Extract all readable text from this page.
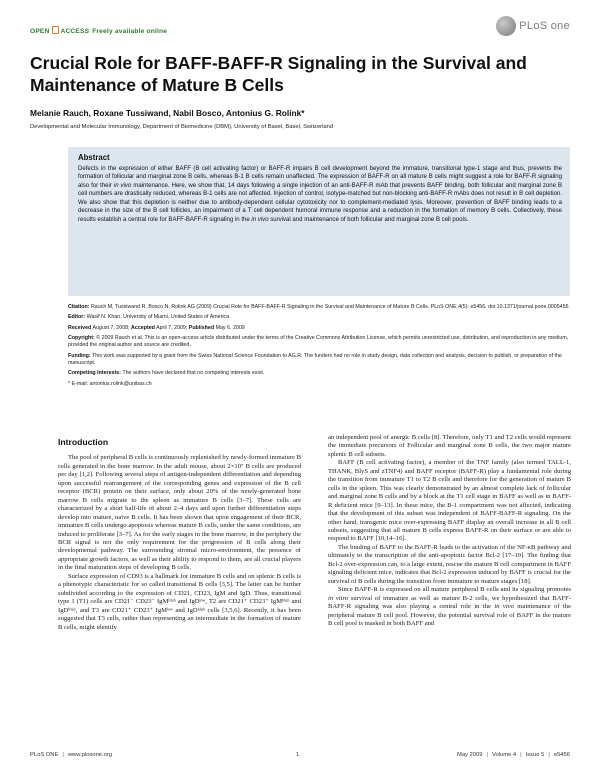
OPEN ACCESS Freely available online	PLoS one
Crucial Role for BAFF-BAFF-R Signaling in the Survival and Maintenance of Mature B Cells
Melanie Rauch, Roxane Tussiwand, Nabil Bosco, Antonius G. Rolink*
Developmental and Molecular Immunology, Department of Biomedicine (DBM), University of Basel, Basel, Switzerland
Abstract

Defects in the expression of either BAFF (B cell activating factor) or BAFF-R impairs B cell development beyond the immature, transitional type-1 stage and thus, prevents the formation of follicular and marginal zone B cells, whereas B-1 B cells remain unaffected. The expression of BAFF-R on all mature B cells might suggest a role for BAFF-R signaling also for their in vivo maintenance. Here, we show that, 14 days following a single injection of an anti-BAFF-R mAb that prevents BAFF binding, both follicular and marginal zone B cell numbers are drastically reduced, whereas B-1 cells are not affected. Injection of control, isotype-matched but non-blocking anti-BAFF-R mAbs does not result in B cell depletion. We also show that this depletion is neither due to antibody-dependent cellular cytotoxicity nor to complement-mediated lysis. Moreover, prevention of BAFF binding leads to a decrease in the size of the B cell follicles, an impairment of a T cell dependent humoral immune response and a reduction in the formation of memory B cells. Collectively, these results establish a central role for BAFF-BAFF-R signaling in the in vivo survival and maintenance of both follicular and marginal zone B cell pools.

Citation: Rauch M, Tussiwand R, Bosco N, Rolink AG (2009) Crucial Role for BAFF-BAFF-R Signaling in the Survival and Maintenance of Mature B Cells. PLoS ONE 4(5): e5456. doi:10.1371/journal.pone.0005456
Editor: Wasif N. Khan, University of Miami, United States of America
Received August 7, 2008; Accepted April 7, 2009; Published May 6, 2009
Copyright: © 2009 Rauch et al. This is an open-access article distributed under the terms of the Creative Commons Attribution License, which permits unrestricted use, distribution, and reproduction in any medium, provided the original author and source are credited.
Funding: This work was supported by a grant from the Swiss National Science Foundation to AG.R. The funders had no role in study design, data collection and analysis, decision to publish, or preparation of the manuscript.
Competing Interests: The authors have declared that no competing interests exist.
* E-mail: antonius.rolink@unibas.ch
Introduction

The pool of peripheral B cells is continuously replenished by newly-formed immature B cells generated in the bone marrow. In the adult mouse, about 2×10⁷ B cells are produced per day [1,2]. Following several steps of antigen-independent differentiation and depending upon successful rearrangement of the corresponding genes and expression of the B cell receptor (BCR) protein on their surface, only about 20% of the newly-generated bone marrow B cells migrate to the spleen as immature B cells [3–7]. These cells are characterized by a short half-life of about 2–4 days and upon further differentiation steps develop into mature, naïve B cells. It has been shown that upon engagement of their BCR, immature B cells undergo apoptosis whereas mature B cells, under the same conditions, are induced to proliferate [3–7]. As for the early stages in the bone marrow, in the periphery the BCR signal is not the only requirement for the progression of B cells along their developmental pathway. The surrounding stromal micro-environment, the presence of appropriate growth factors, as well as their ability to respond to them, are all crucial players in the final maturation steps of developing B cells.

Surface expression of CD93 is a hallmark for immature B cells and on splenic B cells is a phenotypic characteristic for so called transitional B cells [3,5]. The latter can be further subdivided according to the expression of CD21, CD23, IgM and IgD. Thus, transitional type 1 (T1) cells are CD21⁻ CD23⁻ IgMʰⁱᵍʰ and IgDˡᵒʷ, T2 are CD21⁺ CD23⁺ IgMʰⁱᵍʰ and IgDʰⁱᵍʰ, and T3 are CD21⁺ CD23⁺ IgMˡᵒʷ and IgDʰⁱᵍʰ cells [3,5,6]. Recently, it has been suggested that T3 cells, rather than representing an intermediate in the formation of mature B cells, might identify

an independent pool of anergic B cells [8]. Therefore, only T1 and T2 cells would represent the immediate precursors of Follicular and marginal zone B cells, the two major mature splenic B cell subsets.

BAFF (B cell activating factor), a member of the TNF family (also termed TALL-1, THANK, BlyS and zTNF4) and BAFF receptor (BAFF-R) play a fundamental role during the transition from immature T1 to T2 B cells and therefore for the generation of mature B cells in the spleen. This was clearly demonstrated by an almost complete lack of follicular and marginal zone B cells and by a block at the T1 cell stage in BAFF as well as in BAFF-R deficient mice [9–13]. In these mice, the B-1 compartment was not affected, indicating that the development of this subset was independent of BAFF-BAFF-R signaling. On the other hand, transgenic mice over-expressing BAFF display an overall increase in all B cell subsets, suggesting that all mature B cells express BAFF-R on their surface or are able to respond to BAFF [10,14–16].

The binding of BAFF to the BAFF-R leads to the activation of the NF-κB pathway and ultimately to the transcription of the anti-apoptotic factor Bcl-2 [17–19]. The finding that Bcl-2 over-expression can, to a large extent, rescue the mature B cell compartment in BAFF signaling deficient mice, indicates that Bcl-2 expression induced by BAFF is crucial for the survival of B cells during the transition from immature to mature stages [18].

Since BAFF-R is expressed on all mature peripheral B cells and its signaling promotes in vitro survival of immature as well as mature B-2 cells, we hypothesized that BAFF-BAFF-R signaling was also playing a central role in the in vivo maintenance of the peripheral mature B cell pool. However, the potential survival role of BAFF in the mature B cell pool is masked in both BAFF and

PLoS ONE | www.plosone.org	1	May 2009 | Volume 4 | Issue 5 | e5456
